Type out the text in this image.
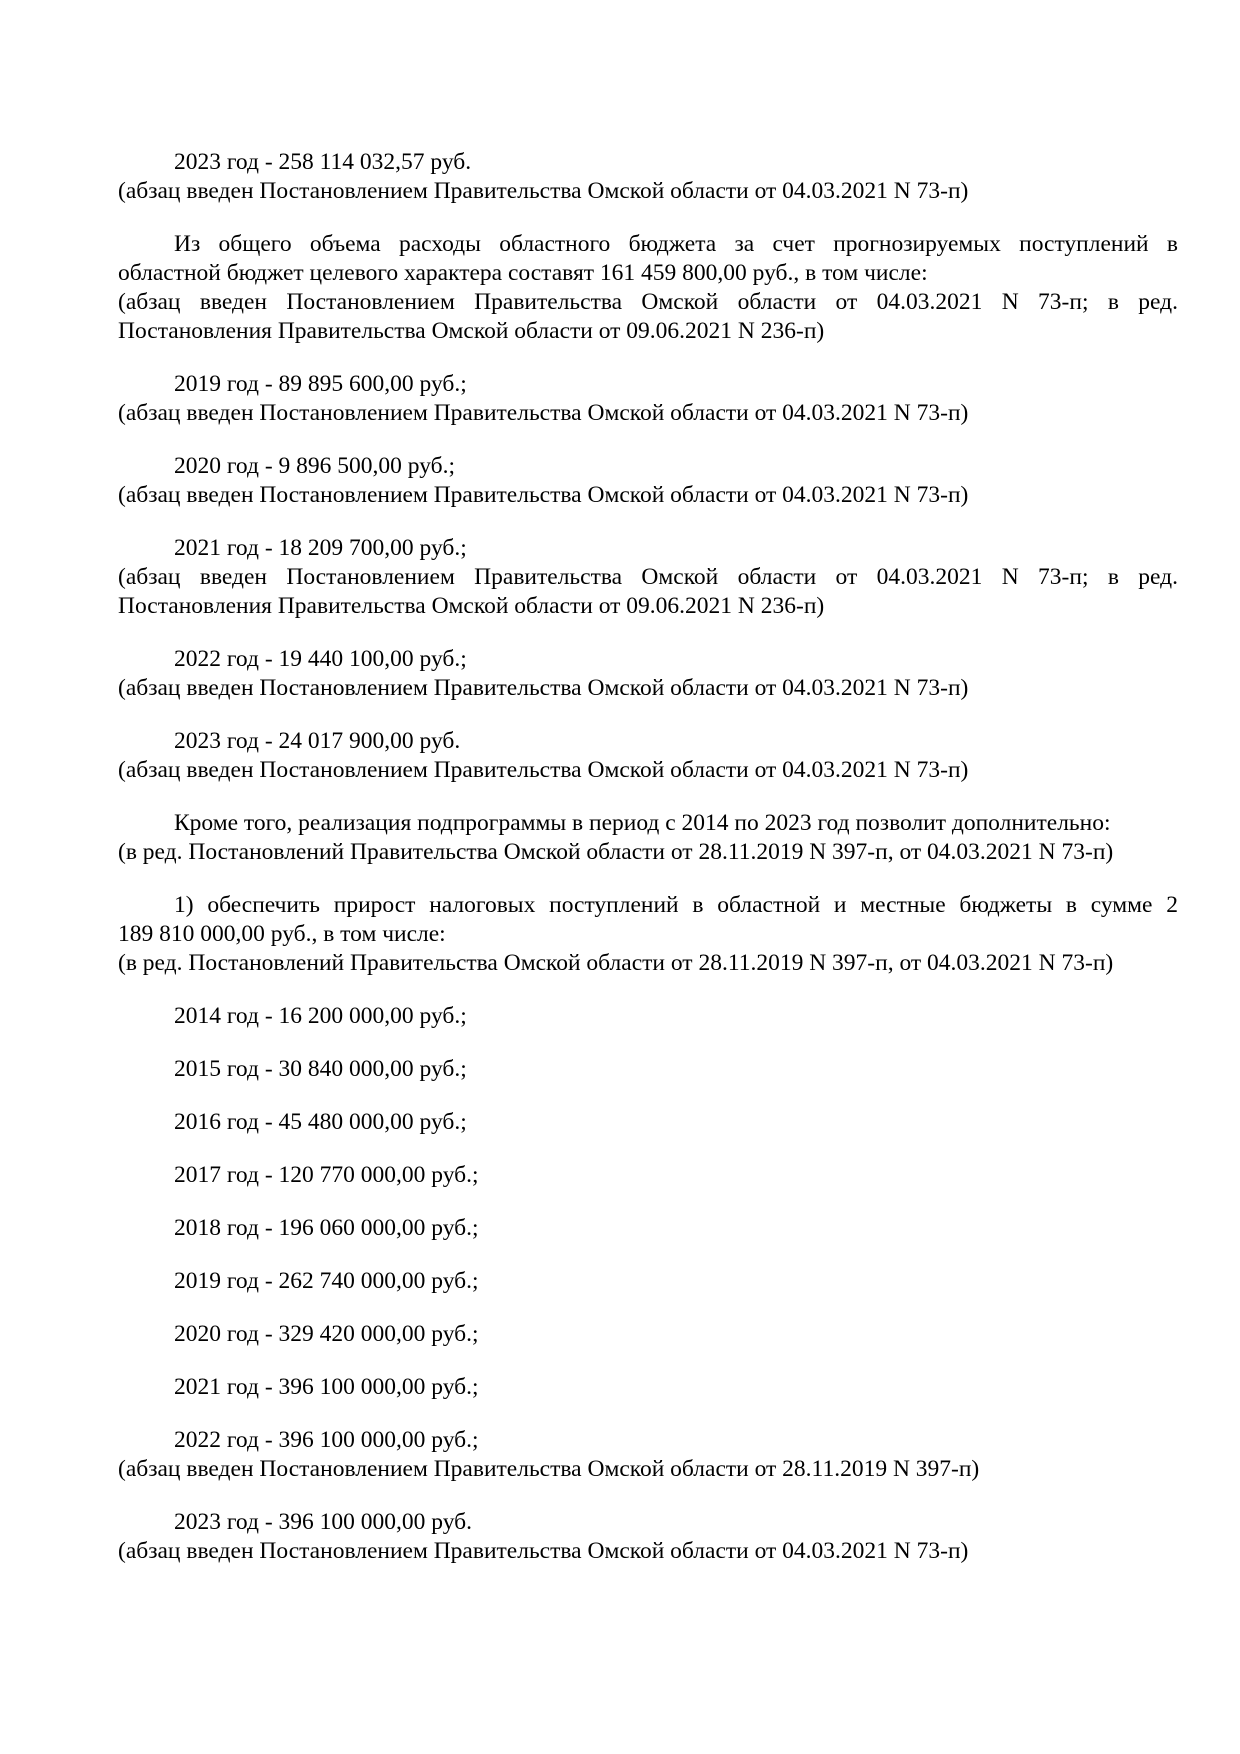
2023 год - 258 114 032,57 руб.
(абзац введен Постановлением Правительства Омской области от 04.03.2021 N 73-п)
Из общего объема расходы областного бюджета за счет прогнозируемых поступлений в
областной бюджет целевого характера составят 161 459 800,00 руб., в том числе:
(абзац введен Постановлением Правительства Омской области от 04.03.2021 N 73-п; в ред.
Постановления Правительства Омской области от 09.06.2021 N 236-п)
2019 год - 89 895 600,00 руб.;
(абзац введен Постановлением Правительства Омской области от 04.03.2021 N 73-п)
2020 год - 9 896 500,00 руб.;
(абзац введен Постановлением Правительства Омской области от 04.03.2021 N 73-п)
2021 год - 18 209 700,00 руб.;
(абзац введен Постановлением Правительства Омской области от 04.03.2021 N 73-п; в ред.
Постановления Правительства Омской области от 09.06.2021 N 236-п)
2022 год - 19 440 100,00 руб.;
(абзац введен Постановлением Правительства Омской области от 04.03.2021 N 73-п)
2023 год - 24 017 900,00 руб.
(абзац введен Постановлением Правительства Омской области от 04.03.2021 N 73-п)
Кроме того, реализация подпрограммы в период с 2014 по 2023 год позволит дополнительно:
(в ред. Постановлений Правительства Омской области от 28.11.2019 N 397-п, от 04.03.2021 N 73-п)
1) обеспечить прирост налоговых поступлений в областной и местные бюджеты в сумме 2
189 810 000,00 руб., в том числе:
(в ред. Постановлений Правительства Омской области от 28.11.2019 N 397-п, от 04.03.2021 N 73-п)
2014 год - 16 200 000,00 руб.;
2015 год - 30 840 000,00 руб.;
2016 год - 45 480 000,00 руб.;
2017 год - 120 770 000,00 руб.;
2018 год - 196 060 000,00 руб.;
2019 год - 262 740 000,00 руб.;
2020 год - 329 420 000,00 руб.;
2021 год - 396 100 000,00 руб.;
2022 год - 396 100 000,00 руб.;
(абзац введен Постановлением Правительства Омской области от 28.11.2019 N 397-п)
2023 год - 396 100 000,00 руб.
(абзац введен Постановлением Правительства Омской области от 04.03.2021 N 73-п)
